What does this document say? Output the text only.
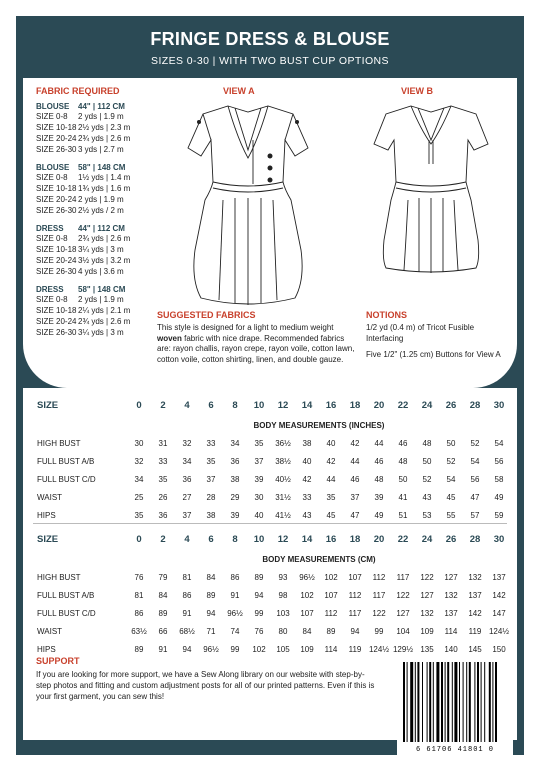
FRINGE DRESS & BLOUSE
SIZES 0-30 | WITH TWO BUST CUP OPTIONS
FABRIC REQUIRED
BLOUSE	44" | 112 CM
SIZE 0-8	2 yds | 1.9 m
SIZE 10-18 2½ yds | 2.3 m
SIZE 20-24 2¾ yds | 2.6 m
SIZE 26-30 3 yds | 2.7 m
BLOUSE	58" | 148 CM
SIZE 0-8	1½ yds | 1.4 m
SIZE 10-18 1¾ yds | 1.6 m
SIZE 20-24 2 yds | 1.9 m
SIZE 26-30 2½ yds / 2 m
DRESS	44" | 112 CM
SIZE 0-8	2¾ yds | 2.6 m
SIZE 10-18 3¼ yds | 3 m
SIZE 20-24 3½ yds | 3.2 m
SIZE 26-30 4 yds | 3.6 m
DRESS	58" | 148 CM
SIZE 0-8	2 yds | 1.9 m
SIZE 10-18 2¼ yds | 2.1 m
SIZE 20-24 2¾ yds | 2.6 m
SIZE 26-30 3¼ yds | 3 m
VIEW A	VIEW B
SUGGESTED FABRICS

This style is designed for a light to medium weight woven fabric with nice drape. Recommended fabrics are: rayon challis, rayon crepe, rayon voile, cotton lawn, cotton voile, cotton shirting, linen, and double gauze.

NOTIONS

1/2 yd (0.4 m) of Tricot Fusible Interfacing

Five 1/2" (1.25 cm) Buttons for View A

SIZE	0	2	4	6	8	10	12	14	16	18	20	22	24	26	28	30
	BODY MEASUREMENTS (INCHES)															
HIGH BUST	30	31	32	33	34	35	36½	38	40	42	44	46	48	50	52	54
FULL BUST A/B	32	33	34	35	36	37	38½	40	42	44	46	48	50	52	54	56
FULL BUST C/D	34	35	36	37	38	39	40½	42	44	46	48	50	52	54	56	58
WAIST	25	26	27	28	29	30	31½	33	35	37	39	41	43	45	47	49
HIPS	35	36	37	38	39	40	41½	43	45	47	49	51	53	55	57	59
SIZE	0	2	4	6	8	10	12	14	16	18	20	22	24	26	28	30
	BODY MEASUREMENTS (CM)															
HIGH BUST	76	79	81	84	86	89	93	96½	102	107	112	117	122	127	132	137
FULL BUST A/B	81	84	86	89	91	94	98	102	107	112	117	122	127	132	137	142
FULL BUST C/D	86	89	91	94	96½	99	103	107	112	117	122	127	132	137	142	147
WAIST	63½	66	68½	71	74	76	80	84	89	94	99	104	109	114	119	124½
HIPS	89	91	94	96½	99	102	105	109	114	119	124½	129½	135	140	145	150
SUPPORT

If you are looking for more support, we have a Sew Along library on our website with step-by-step photos and fitting and custom adjustment posts for all of our printed patterns. Even if this is your first garment, you can sew this!

CHALKANDNOTCH.COM
6 61706 41801 0
